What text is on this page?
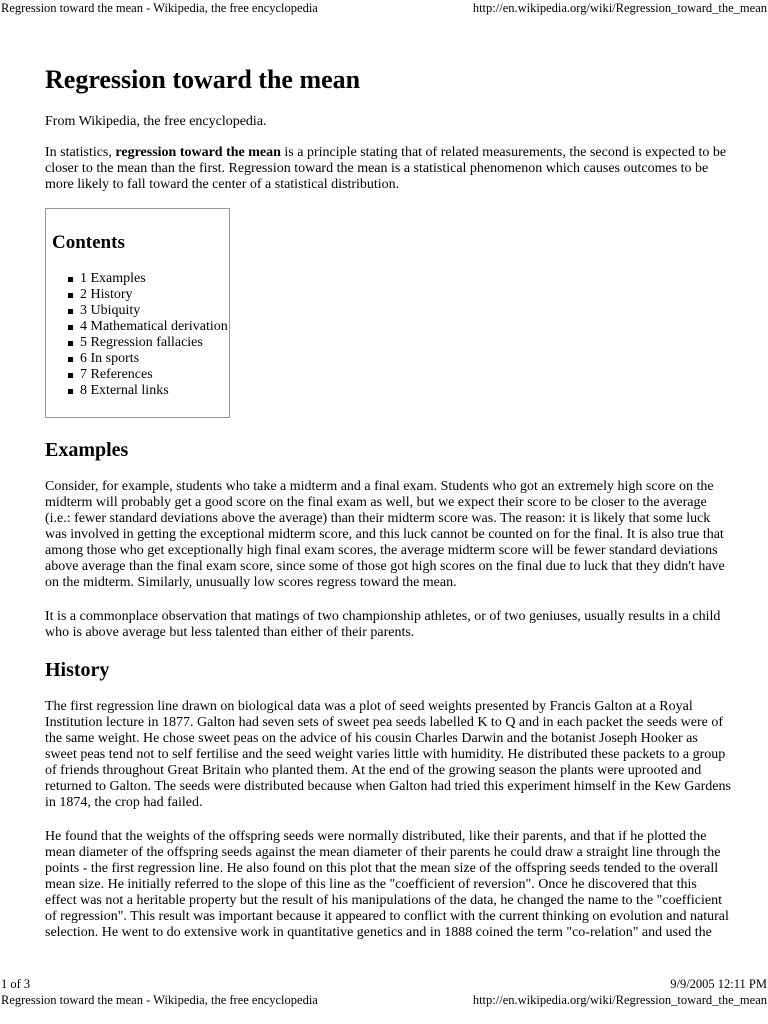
Regression toward the mean - Wikipedia, the free encyclopedia	http://en.wikipedia.org/wiki/Regression_toward_the_mean
Regression toward the mean

From Wikipedia, the free encyclopedia.

In statistics, regression toward the mean is a principle stating that of related measurements, the second is expected to be
closer to the mean than the first. Regression toward the mean is a statistical phenomenon which causes outcomes to be
more likely to fall toward the center of a statistical distribution.

Contents
1 Examples
2 History
3 Ubiquity
4 Mathematical derivation
5 Regression fallacies
6 In sports
7 References
8 External links
Examples

Consider, for example, students who take a midterm and a final exam. Students who got an extremely high score on the
midterm will probably get a good score on the final exam as well, but we expect their score to be closer to the average
(i.e.: fewer standard deviations above the average) than their midterm score was. The reason: it is likely that some luck
was involved in getting the exceptional midterm score, and this luck cannot be counted on for the final. It is also true that
among those who get exceptionally high final exam scores, the average midterm score will be fewer standard deviations
above average than the final exam score, since some of those got high scores on the final due to luck that they didn't have
on the midterm. Similarly, unusually low scores regress toward the mean.

It is a commonplace observation that matings of two championship athletes, or of two geniuses, usually results in a child
who is above average but less talented than either of their parents.

History

The first regression line drawn on biological data was a plot of seed weights presented by Francis Galton at a Royal
Institution lecture in 1877. Galton had seven sets of sweet pea seeds labelled K to Q and in each packet the seeds were of
the same weight. He chose sweet peas on the advice of his cousin Charles Darwin and the botanist Joseph Hooker as
sweet peas tend not to self fertilise and the seed weight varies little with humidity. He distributed these packets to a group
of friends throughout Great Britain who planted them. At the end of the growing season the plants were uprooted and
returned to Galton. The seeds were distributed because when Galton had tried this experiment himself in the Kew Gardens
in 1874, the crop had failed.

He found that the weights of the offspring seeds were normally distributed, like their parents, and that if he plotted the
mean diameter of the offspring seeds against the mean diameter of their parents he could draw a straight line through the
points - the first regression line. He also found on this plot that the mean size of the offspring seeds tended to the overall
mean size. He initially referred to the slope of this line as the "coefficient of reversion". Once he discovered that this
effect was not a heritable property but the result of his manipulations of the data, he changed the name to the "coefficient
of regression". This result was important because it appeared to conflict with the current thinking on evolution and natural
selection. He went to do extensive work in quantitative genetics and in 1888 coined the term "co-relation" and used the

1 of 3	9/9/2005 12:11 PM
Regression toward the mean - Wikipedia, the free encyclopedia	http://en.wikipedia.org/wiki/Regression_toward_the_mean
